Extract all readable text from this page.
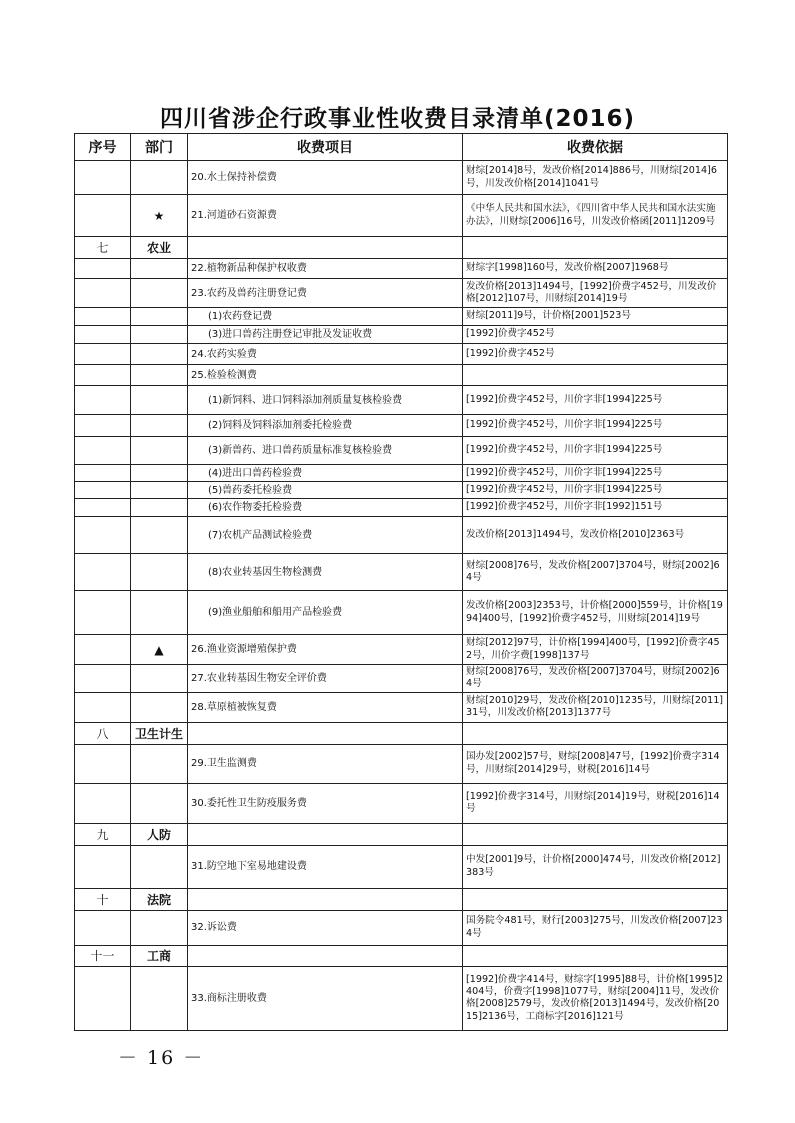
四川省涉企行政事业性收费目录清单(2016)
序号	部门	收费项目	收费依据
		20.水土保持补偿费	财综[2014]8号，发改价格[2014]886号，川财综[2014]6号，川发改价格[2014]1041号
	★	21.河道砂石资源费	《中华人民共和国水法》，《四川省中华人民共和国水法实施办法》，川财综[2006]16号，川发改价格函[2011]1209号
七	农业		
		22.植物新品种保护权收费	财综字[1998]160号，发改价格[2007]1968号
		23.农药及兽药注册登记费	发改价格[2013]1494号，[1992]价费字452号，川发改价格[2012]107号，川财综[2014]19号
		(1)农药登记费	财综[2011]9号，计价格[2001]523号
		(3)进口兽药注册登记审批及发证收费	[1992]价费字452号
		24.农药实验费	[1992]价费字452号
		25.检验检测费	
		(1)新饲料、进口饲料添加剂质量复核检验费	[1992]价费字452号，川价字非[1994]225号
		(2)饲料及饲料添加剂委托检验费	[1992]价费字452号，川价字非[1994]225号
		(3)新兽药、进口兽药质量标准复核检验费	[1992]价费字452号，川价字非[1994]225号
		(4)进出口兽药检验费	[1992]价费字452号，川价字非[1994]225号
		(5)兽药委托检验费	[1992]价费字452号，川价字非[1994]225号
		(6)农作物委托检验费	[1992]价费字452号，川价字非[1992]151号
		(7)农机产品测试检验费	发改价格[2013]1494号，发改价格[2010]2363号
		(8)农业转基因生物检测费	财综[2008]76号，发改价格[2007]3704号，财综[2002]64号
		(9)渔业船舶和船用产品检验费	发改价格[2003]2353号，计价格[2000]559号，计价格[1994]400号，[1992]价费字452号，川财综[2014]19号
	▲	26.渔业资源增殖保护费	财综[2012]97号，计价格[1994]400号，[1992]价费字452号，川价字费[1998]137号
		27.农业转基因生物安全评价费	财综[2008]76号，发改价格[2007]3704号，财综[2002]64号
		28.草原植被恢复费	财综[2010]29号，发改价格[2010]1235号，川财综[2011]31号，川发改价格[2013]1377号
八	卫生计生		
		29.卫生监测费	国办发[2002]57号，财综[2008]47号，[1992]价费字314号，川财综[2014]29号，财税[2016]14号
		30.委托性卫生防疫服务费	[1992]价费字314号，川财综[2014]19号，财税[2016]14号
九	人防		
		31.防空地下室易地建设费	中发[2001]9号，计价格[2000]474号，川发改价格[2012]383号
十	法院		
		32.诉讼费	国务院令481号，财行[2003]275号，川发改价格[2007]234号
十一	工商		
		33.商标注册收费	[1992]价费字414号，财综字[1995]88号，计价格[1995]2404号，价费字[1998]1077号，财综[2004]11号，发改价格[2008]2579号，发改价格[2013]1494号，发改价格[2015]2136号，工商标字[2016]121号
－ 16 －
